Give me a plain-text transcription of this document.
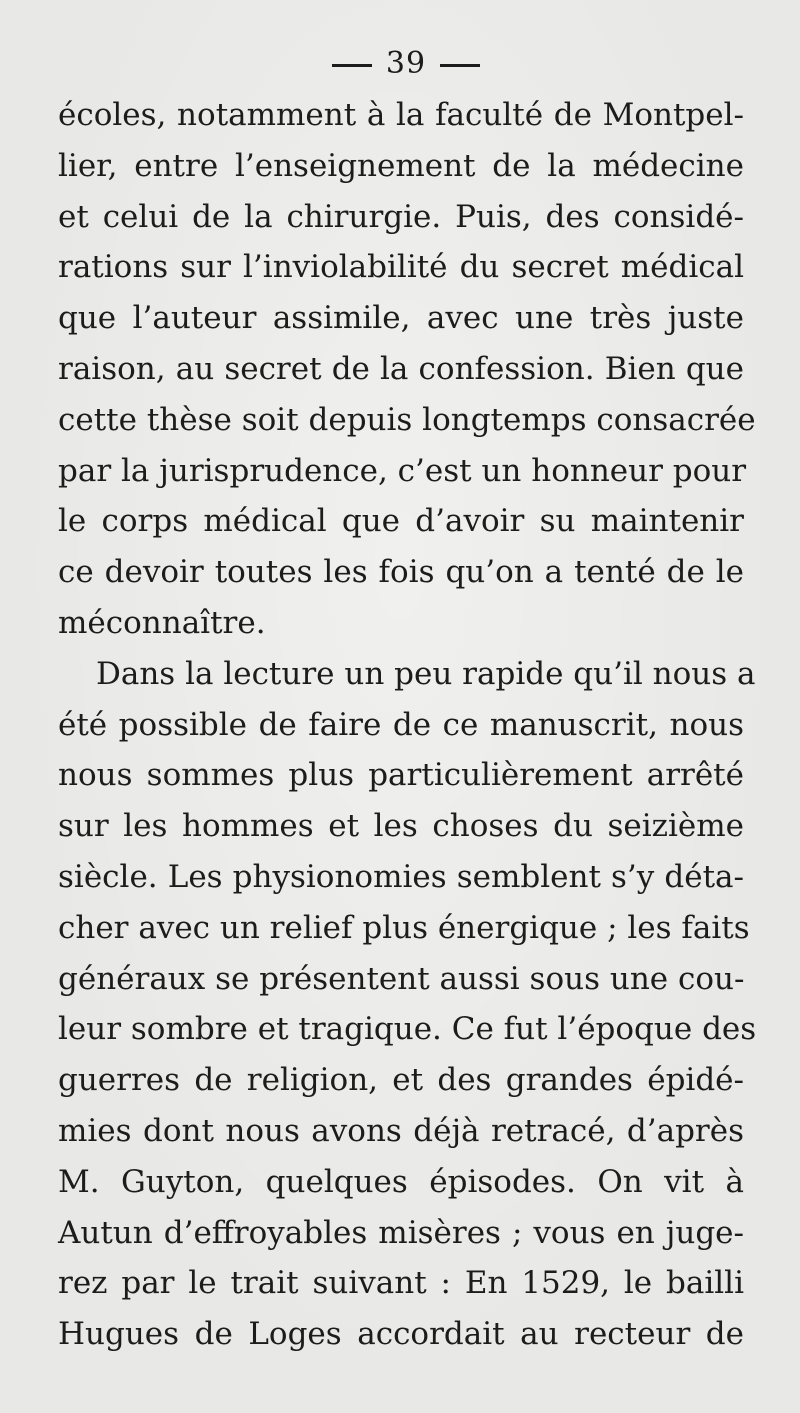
39

écoles, notamment à la faculté de Montpel-
lier, entre l’enseignement de la médecine
et celui de la chirurgie. Puis, des considé-
rations sur l’inviolabilité du secret médical
que l’auteur assimile, avec une très juste
raison, au secret de la confession. Bien que
cette thèse soit depuis longtemps consacrée
par la jurisprudence, c’est un honneur pour
le corps médical que d’avoir su maintenir
ce devoir toutes les fois qu’on a tenté de le
méconnaître.

Dans la lecture un peu rapide qu’il nous a
été possible de faire de ce manuscrit, nous
nous sommes plus particulièrement arrêté
sur les hommes et les choses du seizième
siècle. Les physionomies semblent s’y déta-
cher avec un relief plus énergique ; les faits
généraux se présentent aussi sous une cou-
leur sombre et tragique. Ce fut l’époque des
guerres de religion, et des grandes épidé-
mies dont nous avons déjà retracé, d’après
M. Guyton, quelques épisodes. On vit à
Autun d’effroyables misères ; vous en juge-
rez par le trait suivant : En 1529, le bailli
Hugues de Loges accordait au recteur de
